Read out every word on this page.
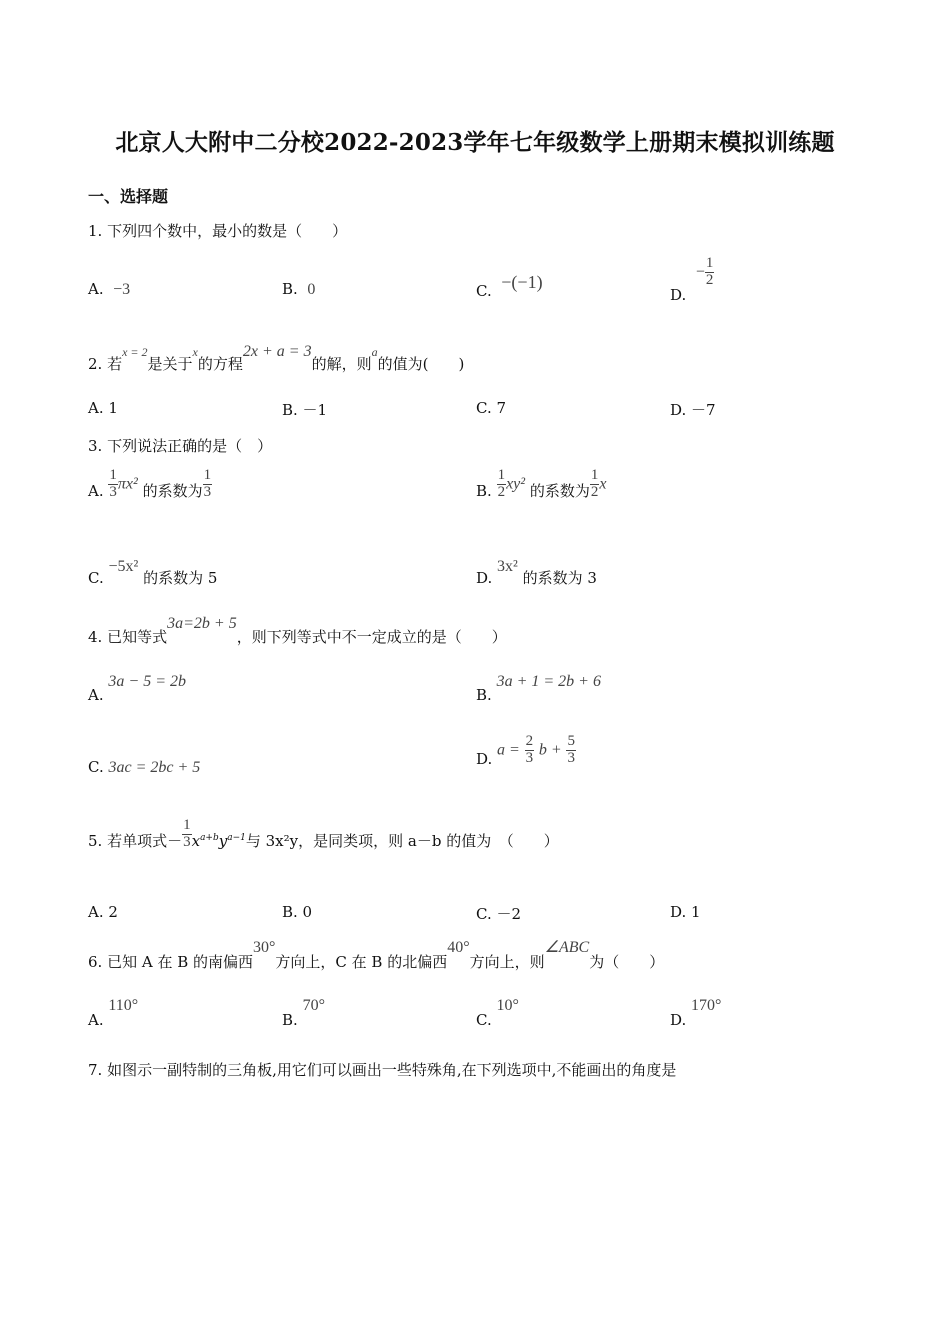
北京人大附中二分校2022-2023学年七年级数学上册期末模拟训练题
一、选择题
1. 下列四个数中，最小的数是（　　）
A. −3	B. 0	C. −(−1)
D.  − $\frac{1}{2}$
2. 若x = 2是关于x的方程2x + a = 3的解，则a的值为(　　)
A. 1	B. －1	C. 7	D. －7
3. 下列说法正确的是（　）
A. $\frac{1}{3} \pi x^2$ 的系数为 $\frac{1}{3}$	B. $\frac{1}{2} xy^2$ 的系数为 $\frac{1}{2}$ x
C. −5x² 的系数为 5	D. 3x² 的系数为 3
4. 已知等式3a=2b + 5，则下列等式中不一定成立的是（　　）
A. 3a − 5 = 2b
B. 3a + 1 = 2b + 6
C. 3ac = 2bc + 5	D. $a = \frac{2}{3}$ $b + \frac{5}{3}$
5. 若单项式－ $\frac{1}{3} x^{a+b}y^{a-1}$与 3x²y，是同类项，则 a－b 的值为　（　　）
A. 2	B. 0	C. －2	D. 1
6. 已知 A 在 B 的南偏西30°方向上，C 在 B 的北偏西40°方向上，则∠ABC为（　　）
A. 110°
B. 70°
C. 10°
D. 170°
7. 如图示一副特制的三角板,用它们可以画出一些特殊角,在下列选项中,不能画出的角度是
